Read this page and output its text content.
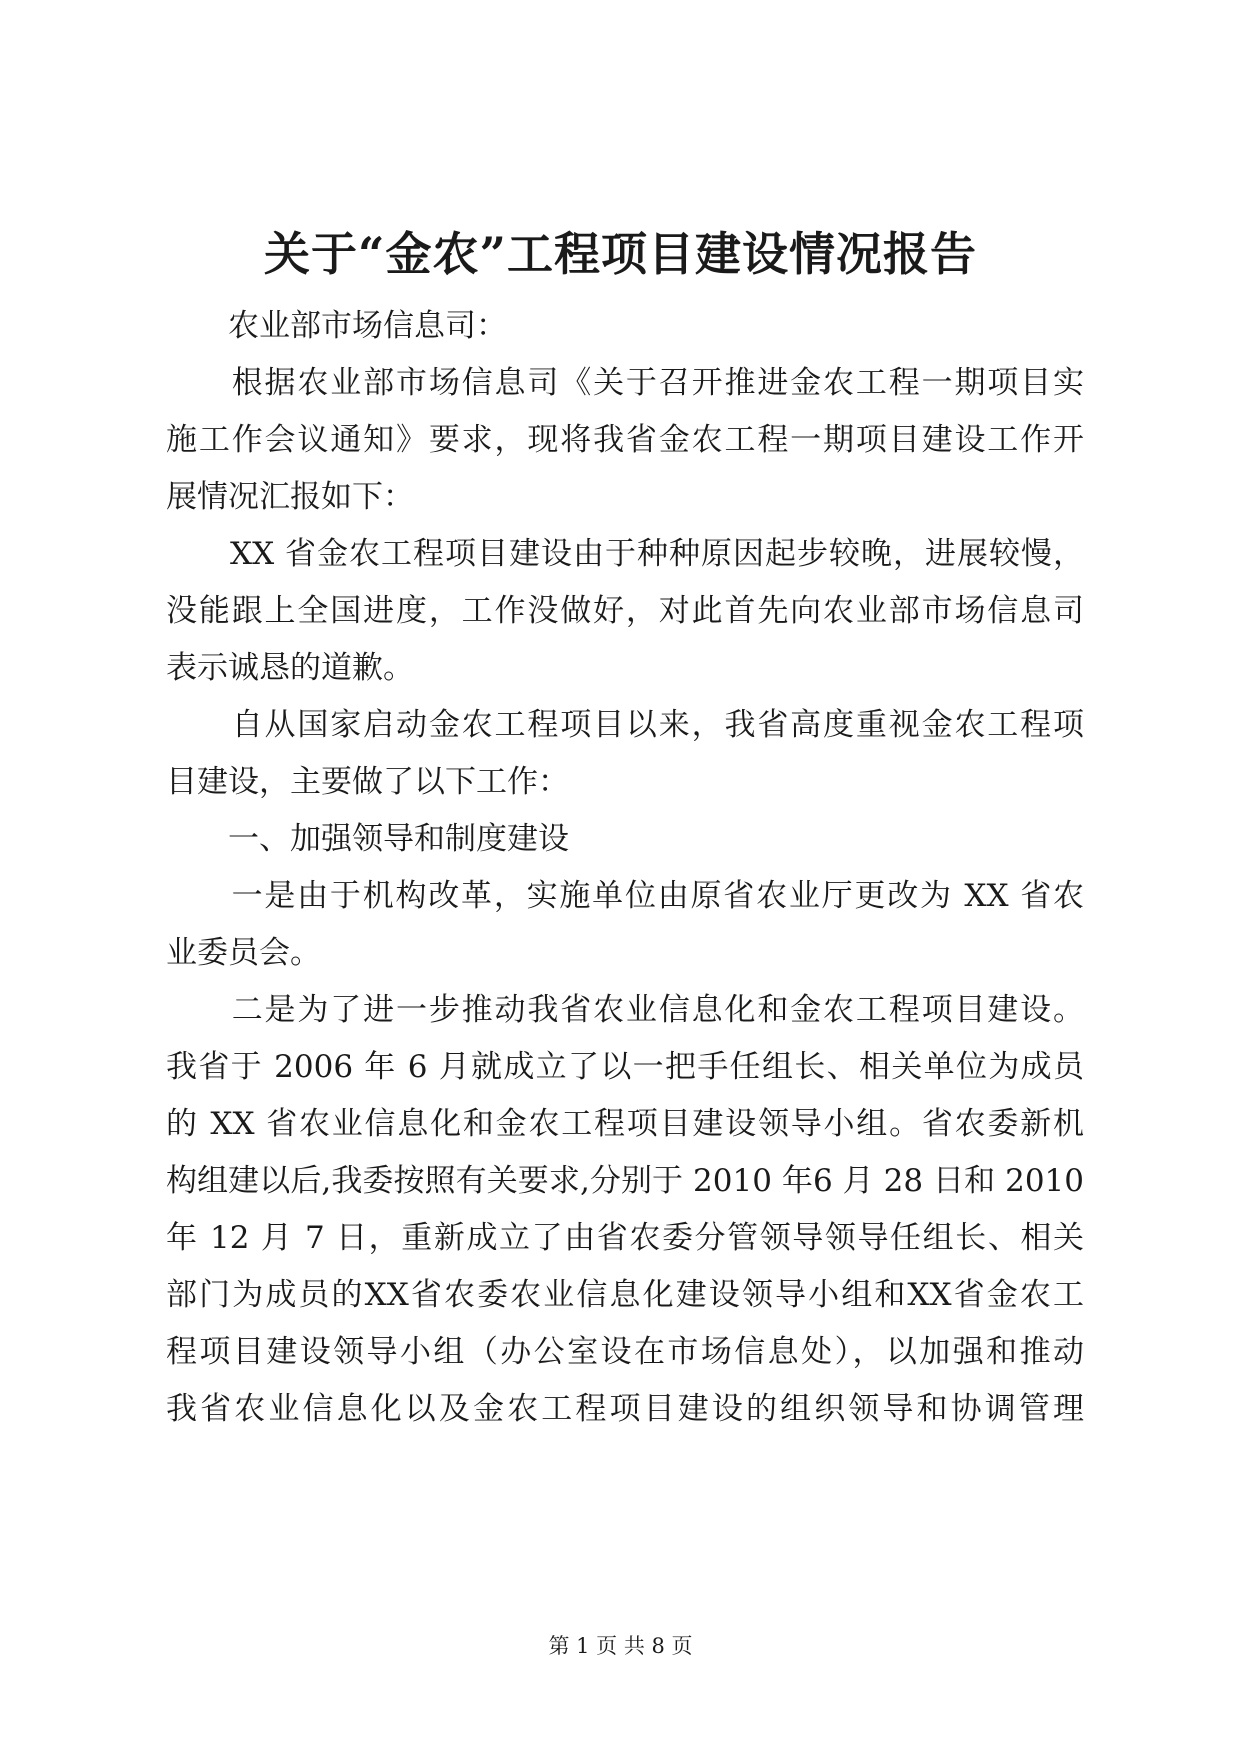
关于“金农”工程项目建设情况报告
　　农业部市场信息司：
　　根据农业部市场信息司《关于召开推进金农工程一期项目实
施工作会议通知》要求，现将我省金农工程一期项目建设工作开
展情况汇报如下：
　　XX 省金农工程项目建设由于种种原因起步较晚，进展较慢，
没能跟上全国进度，工作没做好，对此首先向农业部市场信息司
表示诚恳的道歉。
　　自从国家启动金农工程项目以来，我省高度重视金农工程项
目建设，主要做了以下工作：
　　一、加强领导和制度建设
　　一是由于机构改革，实施单位由原省农业厅更改为 XX 省农
业委员会。
　　二是为了进一步推动我省农业信息化和金农工程项目建设。
我省于 2006 年 6 月就成立了以一把手任组长、相关单位为成员
的 XX 省农业信息化和金农工程项目建设领导小组。省农委新机
构组建以后,我委按照有关要求,分别于 2010 年6 月 28 日和 2010
年 12 月 7 日，重新成立了由省农委分管领导领导任组长、相关
部门为成员的XX省农委农业信息化建设领导小组和XX省金农工
程项目建设领导小组（办公室设在市场信息处），以加强和推动
我省农业信息化以及金农工程项目建设的组织领导和协调管理
第 1 页 共 8 页
